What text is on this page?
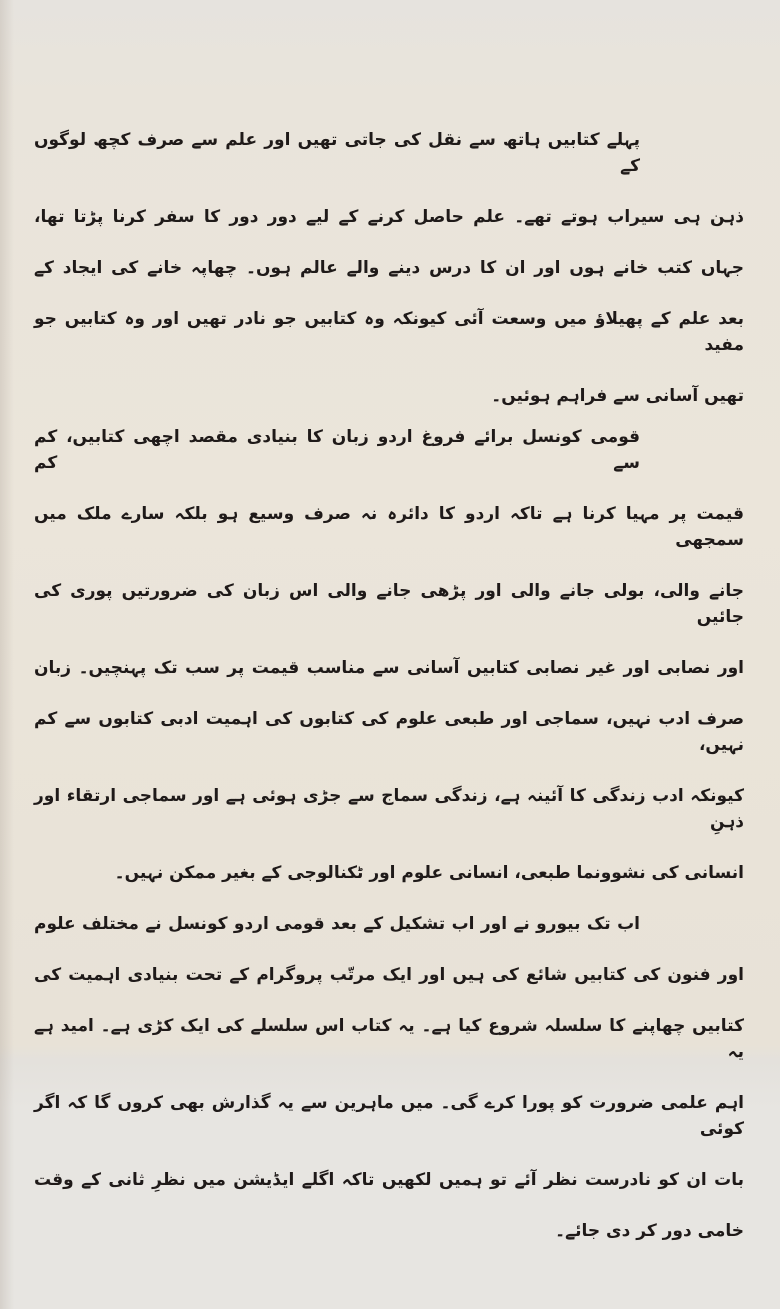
پہلے کتابیں ہاتھ سے نقل کی جاتی تھیں اور علم سے صرف کچھ لوگوں کے
ذہن ہی سیراب ہوتے تھے۔ علم حاصل کرنے کے لیے دور دور کا سفر کرنا پڑتا تھا،
جہاں کتب خانے ہوں اور ان کا درس دینے والے عالم ہوں۔ چھاپہ خانے کی ایجاد کے
بعد علم کے پھیلاؤ میں وسعت آئی کیونکہ وہ کتابیں جو نادر تھیں اور وہ کتابیں جو مفید
تھیں آسانی سے فراہم ہوئیں۔
قومی کونسل برائے فروغ اردو زبان کا بنیادی مقصد اچھی کتابیں، کم سے کم
قیمت پر مہیا کرنا ہے تاکہ اردو کا دائرہ نہ صرف وسیع ہو بلکہ سارے ملک میں سمجھی
جانے والی، بولی جانے والی اور پڑھی جانے والی اس زبان کی ضرورتیں پوری کی جائیں
اور نصابی اور غیر نصابی کتابیں آسانی سے مناسب قیمت پر سب تک پہنچیں۔ زبان
صرف ادب نہیں، سماجی اور طبعی علوم کی کتابوں کی اہمیت ادبی کتابوں سے کم نہیں،
کیونکہ ادب زندگی کا آئینہ ہے، زندگی سماج سے جڑی ہوئی ہے اور سماجی ارتقاء اور ذہنِ
انسانی کی نشوونما طبعی، انسانی علوم اور ٹکنالوجی کے بغیر ممکن نہیں۔
اب تک بیورو نے اور اب تشکیل کے بعد قومی اردو کونسل نے مختلف علوم
اور فنون کی کتابیں شائع کی ہیں اور ایک مرتّب پروگرام کے تحت بنیادی اہمیت کی
کتابیں چھاپنے کا سلسلہ شروع کیا ہے۔ یہ کتاب اس سلسلے کی ایک کڑی ہے۔ امید ہے یہ
اہم علمی ضرورت کو پورا کرے گی۔ میں ماہرین سے یہ گذارش بھی کروں گا کہ اگر کوئی
بات ان کو نادرست نظر آئے تو ہمیں لکھیں تاکہ اگلے ایڈیشن میں نظرِ ثانی کے وقت
خامی دور کر دی جائے۔
